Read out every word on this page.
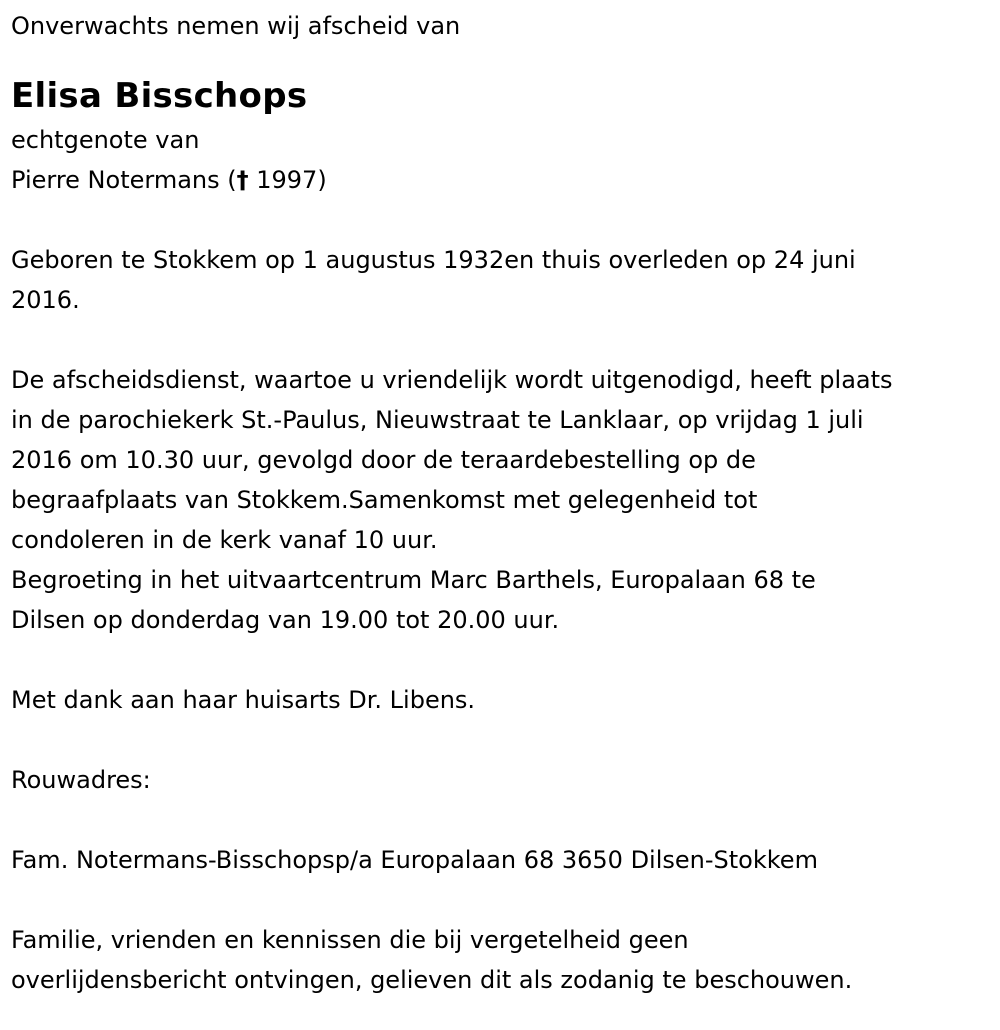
Onverwachts nemen wij afscheid van

Elisa Bisschops

echtgenote van

Pierre Notermans († 1997)

Geboren te Stokkem op 1 augustus 1932en thuis overleden op 24 juni

2016.

De afscheidsdienst, waartoe u vriendelijk wordt uitgenodigd, heeft plaats

in de parochiekerk St.-Paulus, Nieuwstraat te Lanklaar, op vrijdag 1 juli

2016 om 10.30 uur, gevolgd door de teraardebestelling op de

begraafplaats van Stokkem.Samenkomst met gelegenheid tot

condoleren in de kerk vanaf 10 uur.

Begroeting in het uitvaartcentrum Marc Barthels, Europalaan 68 te

Dilsen op donderdag van 19.00 tot 20.00 uur.

Met dank aan haar huisarts Dr. Libens.

Rouwadres:

Fam. Notermans-Bisschopsp/a Europalaan 68 3650 Dilsen-Stokkem

Familie, vrienden en kennissen die bij vergetelheid geen

overlijdensbericht ontvingen, gelieven dit als zodanig te beschouwen.
